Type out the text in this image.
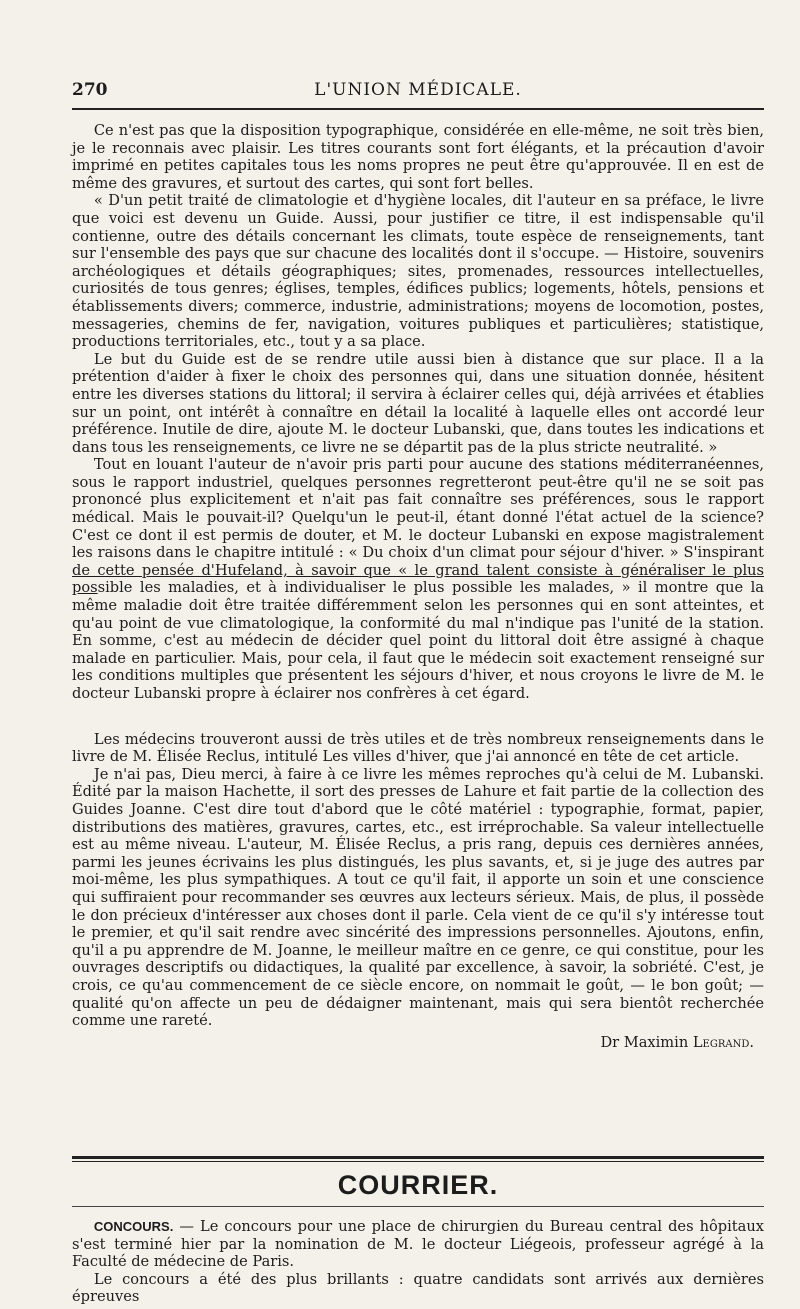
270	L'UNION MÉDICALE.

Ce n'est pas que la disposition typographique, considérée en elle-même, ne soit très bien, je le reconnais avec plaisir. Les titres courants sont fort élégants, et la précaution d'avoir imprimé en petites capitales tous les noms propres ne peut être qu'approuvée. Il en est de même des gravures, et surtout des cartes, qui sont fort belles.

« D'un petit traité de climatologie et d'hygiène locales, dit l'auteur en sa préface, le livre que voici est devenu un Guide. Aussi, pour justifier ce titre, il est indispensable qu'il contienne, outre des détails concernant les climats, toute espèce de renseignements, tant sur l'ensemble des pays que sur chacune des localités dont il s'occupe. — Histoire, souvenirs archéologiques et détails géographiques; sites, promenades, ressources intellectuelles, curiosités de tous genres; églises, temples, édifices publics; logements, hôtels, pensions et établissements divers; commerce, industrie, administrations; moyens de locomotion, postes, messageries, chemins de fer, navigation, voitures publiques et particulières; statistique, productions territoriales, etc., tout y a sa place.

Le but du Guide est de se rendre utile aussi bien à distance que sur place. Il a la prétention d'aider à fixer le choix des personnes qui, dans une situation donnée, hésitent entre les diverses stations du littoral; il servira à éclairer celles qui, déjà arrivées et établies sur un point, ont intérêt à connaître en détail la localité à laquelle elles ont accordé leur préférence. Inutile de dire, ajoute M. le docteur Lubanski, que, dans toutes les indications et dans tous les renseignements, ce livre ne se départit pas de la plus stricte neutralité. »

Tout en louant l'auteur de n'avoir pris parti pour aucune des stations méditerranéennes, sous le rapport industriel, quelques personnes regretteront peut-être qu'il ne se soit pas prononcé plus explicitement et n'ait pas fait connaître ses préférences, sous le rapport médical. Mais le pouvait-il? Quelqu'un le peut-il, étant donné l'état actuel de la science? C'est ce dont il est permis de douter, et M. le docteur Lubanski en expose magistralement les raisons dans le chapitre intitulé : « Du choix d'un climat pour séjour d'hiver. » S'inspirant de cette pensée d'Hufeland, à savoir que « le grand talent consiste à généraliser le plus possible les maladies, et à individualiser le plus possible les malades, » il montre que la même maladie doit être traitée différemment selon les personnes qui en sont atteintes, et qu'au point de vue climatologique, la conformité du mal n'indique pas l'unité de la station. En somme, c'est au médecin de décider quel point du littoral doit être assigné à chaque malade en particulier. Mais, pour cela, il faut que le médecin soit exactement renseigné sur les conditions multiples que présentent les séjours d'hiver, et nous croyons le livre de M. le docteur Lubanski propre à éclairer nos confrères à cet égard.

Les médecins trouveront aussi de très utiles et de très nombreux renseignements dans le livre de M. Élisée Reclus, intitulé Les villes d'hiver, que j'ai annoncé en tête de cet article.

Je n'ai pas, Dieu merci, à faire à ce livre les mêmes reproches qu'à celui de M. Lubanski. Édité par la maison Hachette, il sort des presses de Lahure et fait partie de la collection des Guides Joanne. C'est dire tout d'abord que le côté matériel : typographie, format, papier, distributions des matières, gravures, cartes, etc., est irréprochable. Sa valeur intellectuelle est au même niveau. L'auteur, M. Élisée Reclus, a pris rang, depuis ces dernières années, parmi les jeunes écrivains les plus distingués, les plus savants, et, si je juge des autres par moi-même, les plus sympathiques. A tout ce qu'il fait, il apporte un soin et une conscience qui suffiraient pour recommander ses œuvres aux lecteurs sérieux. Mais, de plus, il possède le don précieux d'intéresser aux choses dont il parle. Cela vient de ce qu'il s'y intéresse tout le premier, et qu'il sait rendre avec sincérité des impressions personnelles. Ajoutons, enfin, qu'il a pu apprendre de M. Joanne, le meilleur maître en ce genre, ce qui constitue, pour les ouvrages descriptifs ou didactiques, la qualité par excellence, à savoir, la sobriété. C'est, je crois, ce qu'au commencement de ce siècle encore, on nommait le goût, — le bon goût; — qualité qu'on affecte un peu de dédaigner maintenant, mais qui sera bientôt recherchée comme une rareté.

Dr Maximin Legrand.
COURRIER.

CONCOURS. — Le concours pour une place de chirurgien du Bureau central des hôpitaux s'est terminé hier par la nomination de M. le docteur Liégeois, professeur agrégé à la Faculté de médecine de Paris.

Le concours a été des plus brillants : quatre candidats sont arrivés aux dernières épreuves
